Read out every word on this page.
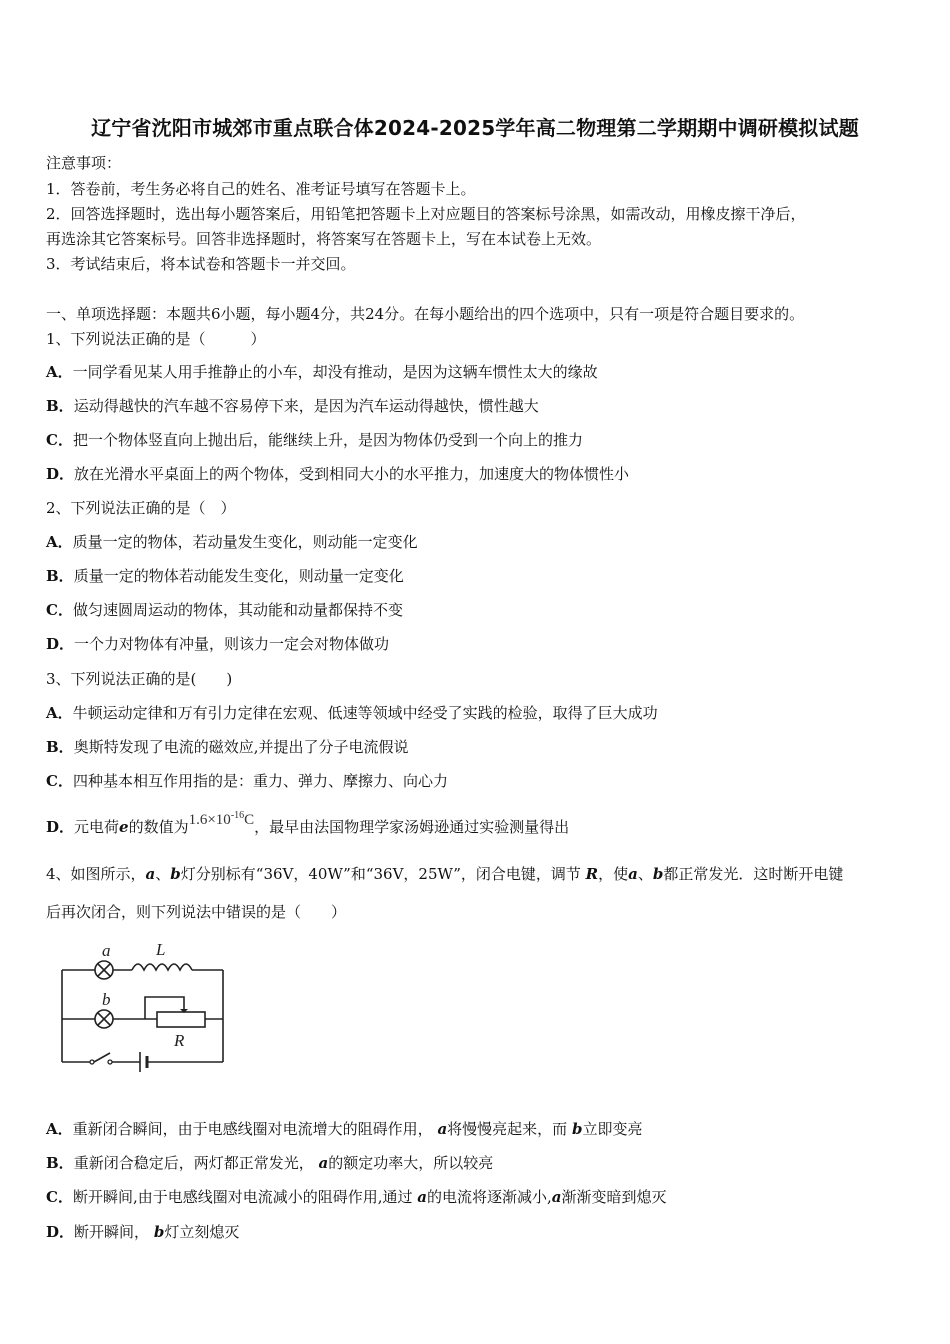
辽宁省沈阳市城郊市重点联合体2024-2025学年高二物理第二学期期中调研模拟试题
注意事项：
1．答卷前，考生务必将自己的姓名、准考证号填写在答题卡上。
2．回答选择题时，选出每小题答案后，用铅笔把答题卡上对应题目的答案标号涂黑，如需改动，用橡皮擦干净后，
再选涂其它答案标号。回答非选择题时，将答案写在答题卡上，写在本试卷上无效。
3．考试结束后，将本试卷和答题卡一并交回。
一、单项选择题：本题共6小题，每小题4分，共24分。在每小题给出的四个选项中，只有一项是符合题目要求的。
1、下列说法正确的是（　　　）
A．一同学看见某人用手推静止的小车，却没有推动，是因为这辆车惯性太大的缘故
B．运动得越快的汽车越不容易停下来，是因为汽车运动得越快，惯性越大
C．把一个物体竖直向上抛出后，能继续上升，是因为物体仍受到一个向上的推力
D．放在光滑水平桌面上的两个物体，受到相同大小的水平推力，加速度大的物体惯性小
2、下列说法正确的是（　）
A．质量一定的物体，若动量发生变化，则动能一定变化
B．质量一定的物体若动能发生变化，则动量一定变化
C．做匀速圆周运动的物体，其动能和动量都保持不变
D．一个力对物体有冲量，则该力一定会对物体做功
3、下列说法正确的是(　　)
A．牛顿运动定律和万有引力定律在宏观、低速等领域中经受了实践的检验，取得了巨大成功
B．奥斯特发现了电流的磁效应,并提出了分子电流假说
C．四种基本相互作用指的是：重力、弹力、摩擦力、向心力
D．元电荷e的数值为$1.6\times 10^{-16}C$，最早由法国物理学家汤姆逊通过实验测量得出
4、如图所示，a、b灯分别标有“36V，40W”和“36V，25W”，闭合电键，调节 R，使a、b都正常发光．这时断开电键
后再次闭合，则下列说法中错误的是（　　）
a
b
L
R
A．重新闭合瞬间，由于电感线圈对电流增大的阻碍作用， a将慢慢亮起来，而 b立即变亮
B．重新闭合稳定后，两灯都正常发光， a的额定功率大，所以较亮
C．断开瞬间,由于电感线圈对电流减小的阻碍作用,通过 a的电流将逐渐减小,a渐渐变暗到熄灭
D．断开瞬间， b灯立刻熄灭
